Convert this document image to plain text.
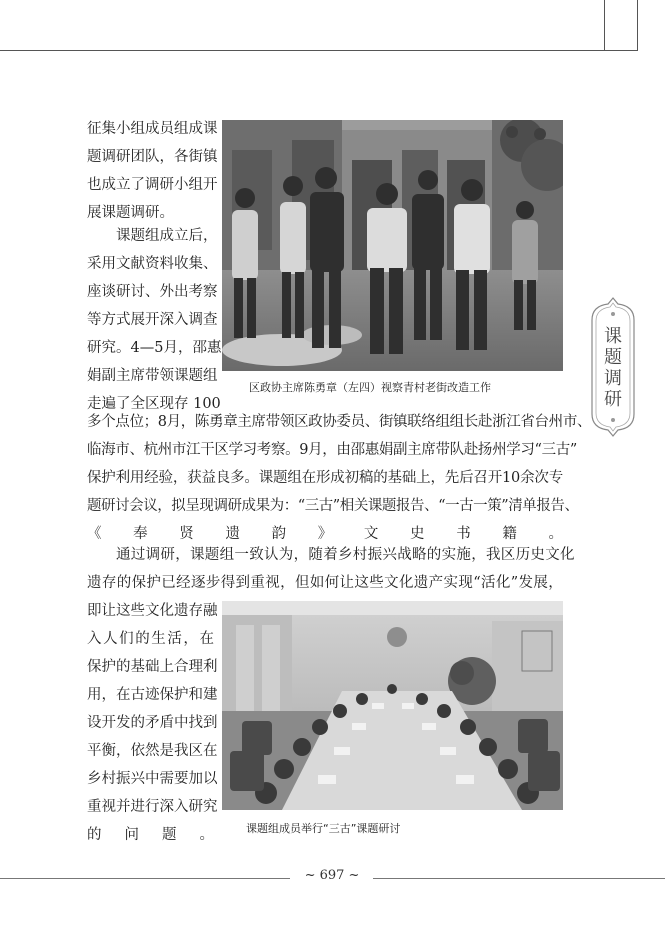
课
题
调
研
征集小组成员组成课
题调研团队，各街镇
也成立了调研小组开
展课题调研。
课题组成立后，
采用文献资料收集、
座谈研讨、外出考察
等方式展开深入调查
研究。4—5月，邵惠
娟副主席带领课题组
走遍了全区现存 100
多个点位；8月，陈勇章主席带领区政协委员、街镇联络组组长赴浙江省台州市、
临海市、杭州市江干区学习考察。9月，由邵惠娟副主席带队赴扬州学习“三古”
保护利用经验，获益良多。课题组在形成初稿的基础上，先后召开10余次专
题研讨会议，拟呈现调研成果为：“三古”相关课题报告、“一古一策”清单报告、
《奉贤遗韵》文史书籍。
通过调研，课题组一致认为，随着乡村振兴战略的实施，我区历史文化
遗存的保护已经逐步得到重视，但如何让这些文化遗产实现“活化”发展，
即让这些文化遗存融
入人们的生活，在
保护的基础上合理利
用，在古迹保护和建
设开发的矛盾中找到
平衡，依然是我区在
乡村振兴中需要加以
重视并进行深入研究
的问题。
区政协主席陈勇章（左四）视察青村老街改造工作
课题组成员举行“三古”课题研讨
~ 697 ~
